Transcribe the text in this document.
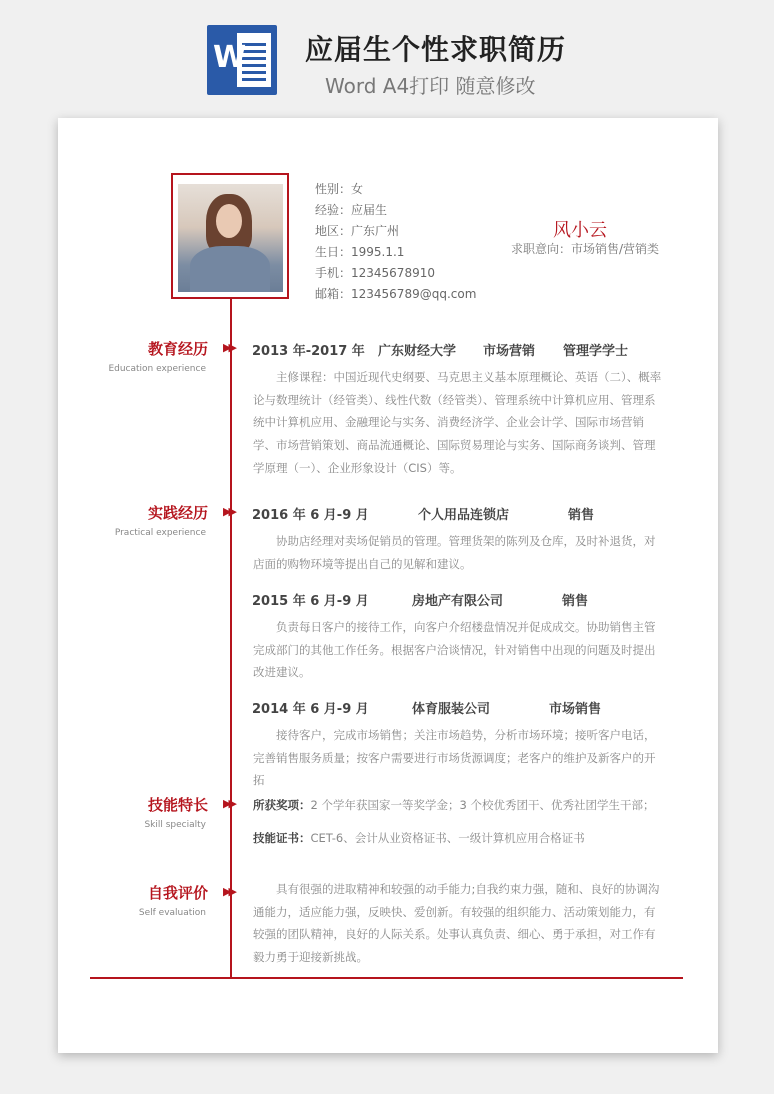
W 应届生个性求职简历
Word A4打印 随意修改
性别：女
经验：应届生
地区：广东广州
生日：1995.1.1
手机：12345678910
邮箱：123456789@qq.com
风小云
求职意向：市场销售/营销类
教育经历
Education experience
▶▶ 2013 年-2017 年 广东财经大学 市场营销 管理学学士
主修课程：中国近现代史纲要、马克思主义基本原理概论、英语（二）、概率论与数理统计（经管类）、线性代数（经管类）、管理系统中计算机应用、管理系统中计算机应用、金融理论与实务、消费经济学、企业会计学、国际市场营销学、市场营销策划、商品流通概论、国际贸易理论与实务、国际商务谈判、管理学原理（一）、企业形象设计（CIS）等。
实践经历
Practical experience
▶▶ 2016 年 6 月-9 月	个人用品连锁店	销售
协助店经理对卖场促销员的管理。管理货架的陈列及仓库，及时补退货，对店面的购物环境等提出自己的见解和建议。
2015 年 6 月-9 月	房地产有限公司	销售
负责每日客户的接待工作，向客户介绍楼盘情况并促成成交。协助销售主管完成部门的其他工作任务。根据客户洽谈情况，针对销售中出现的问题及时提出改进建议。
2014 年 6 月-9 月	体育服装公司	市场销售
接待客户，完成市场销售；关注市场趋势，分析市场环境；接听客户电话，完善销售服务质量；按客户需要进行市场货源调度；老客户的维护及新客户的开拓
技能特长
Skill specialty
▶▶ 所获奖项：2 个学年获国家一等奖学金；3 个校优秀团干、优秀社团学生干部；
技能证书：CET-6、会计从业资格证书、一级计算机应用合格证书
自我评价
Self evaluation
▶▶	具有很强的进取精神和较强的动手能力;自我约束力强，随和、良好的协调沟通能力，适应能力强，反映快、爱创新。有较强的组织能力、活动策划能力，有较强的团队精神，良好的人际关系。处事认真负责、细心、勇于承担，对工作有毅力勇于迎接新挑战。
